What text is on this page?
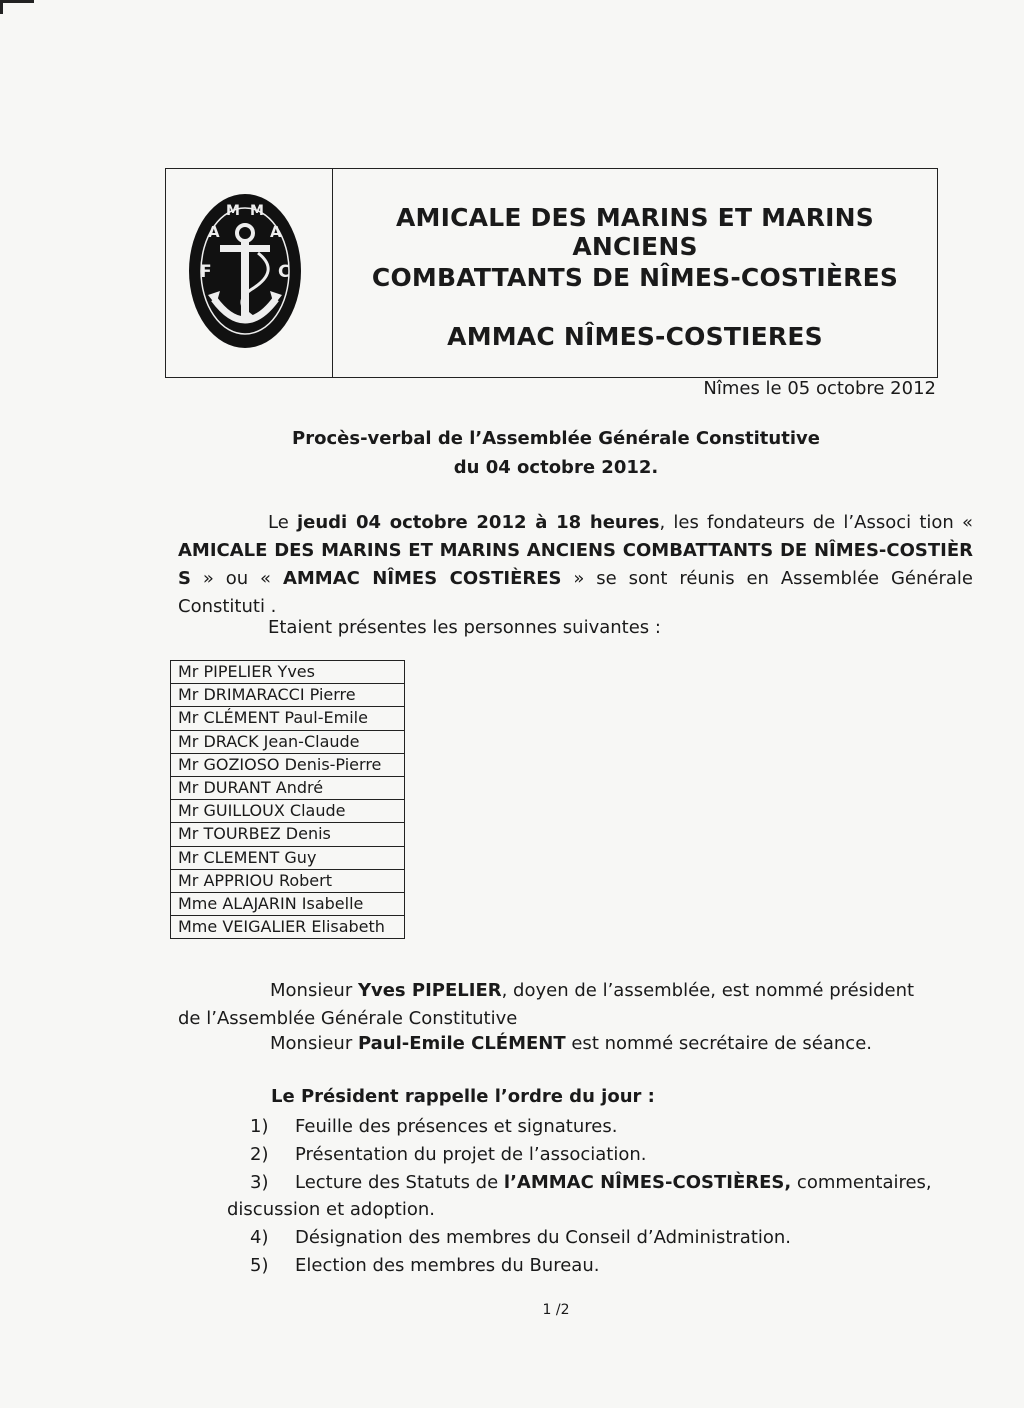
F
A
M M
A
C
AMICALE DES MARINS ET MARINS ANCIENS
COMBATTANTS DE NÎMES-COSTIÈRES
AMMAC NÎMES-COSTIERES
Nîmes le 05 octobre 2012
Procès-verbal de l’Assemblée Générale Constitutive
du 04 octobre 2012.
Le jeudi 04 octobre 2012 à 18 heures, les fondateurs de l’Associ tion « AMICALE DES MARINS ET MARINS ANCIENS COMBATTANTS DE NÎMES-COSTIÈR S » ou « AMMAC NÎMES COSTIÈRES » se sont réunis en Assemblée Générale Constituti .
Etaient présentes les personnes suivantes :
Mr PIPELIER Yves
Mr DRIMARACCI Pierre
Mr CLÉMENT Paul-Emile
Mr DRACK Jean-Claude
Mr GOZIOSO Denis-Pierre
Mr DURANT André
Mr GUILLOUX Claude
Mr TOURBEZ Denis
Mr CLEMENT Guy
Mr APPRIOU Robert
Mme ALAJARIN Isabelle
Mme VEIGALIER Elisabeth
Monsieur Yves PIPELIER, doyen de l’assemblée, est nommé président
de l’Assemblée Générale Constitutive
Monsieur Paul-Emile CLÉMENT est nommé secrétaire de séance.
Le Président rappelle l’ordre du jour :
1) Feuille des présences et signatures.
2) Présentation du projet de l’association.
3) Lecture des Statuts de l’AMMAC NÎMES-COSTIÈRES, commentaires,
discussion et adoption.
4) Désignation des membres du Conseil d’Administration.
5) Election des membres du Bureau.
1 /2
